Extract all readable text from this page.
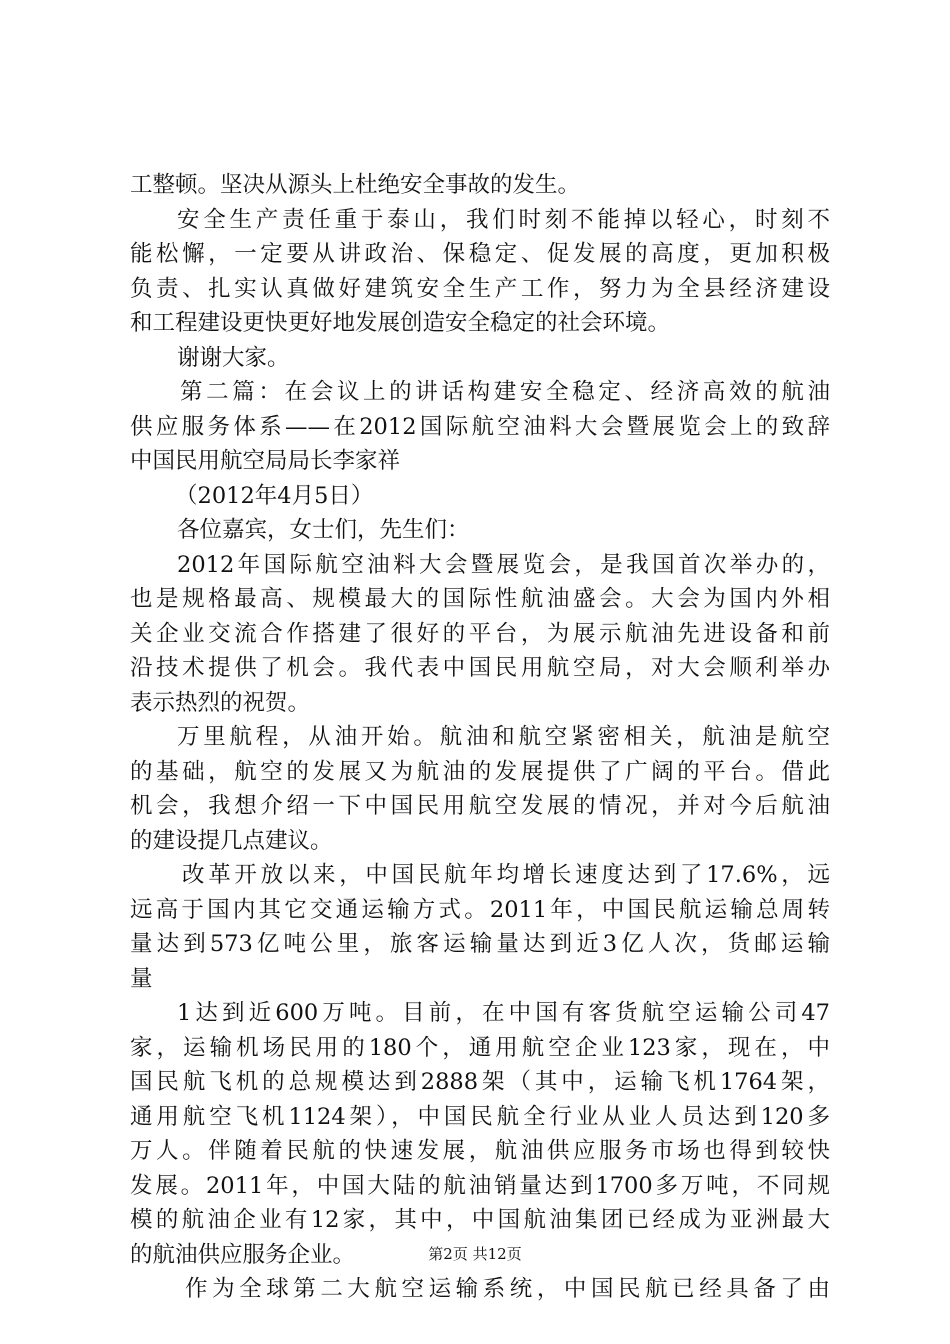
工整顿。坚决从源头上杜绝安全事故的发生。
安全生产责任重于泰山，我们时刻不能掉以轻心，时刻不
能松懈，一定要从讲政治、保稳定、促发展的高度，更加积极
负责、扎实认真做好建筑安全生产工作，努力为全县经济建设
和工程建设更快更好地发展创造安全稳定的社会环境。
谢谢大家。
第二篇：在会议上的讲话构建安全稳定、经济高效的航油
供应服务体系——在2012国际航空油料大会暨展览会上的致辞
中国民用航空局局长李家祥
（2012年4月5日）
各位嘉宾，女士们，先生们：
2012年国际航空油料大会暨展览会，是我国首次举办的，
也是规格最高、规模最大的国际性航油盛会。大会为国内外相
关企业交流合作搭建了很好的平台，为展示航油先进设备和前
沿技术提供了机会。我代表中国民用航空局，对大会顺利举办
表示热烈的祝贺。
万里航程，从油开始。航油和航空紧密相关，航油是航空
的基础，航空的发展又为航油的发展提供了广阔的平台。借此
机会，我想介绍一下中国民用航空发展的情况，并对今后航油
的建设提几点建议。
改革开放以来，中国民航年均增长速度达到了17.6%，远
远高于国内其它交通运输方式。2011年，中国民航运输总周转
量达到573亿吨公里，旅客运输量达到近3亿人次，货邮运输
量
1达到近600万吨。目前，在中国有客货航空运输公司47
家，运输机场民用的180个，通用航空企业123家，现在，中
国民航飞机的总规模达到2888架（其中，运输飞机1764架，
通用航空飞机1124架），中国民航全行业从业人员达到120多
万人。伴随着民航的快速发展，航油供应服务市场也得到较快
发展。2011年，中国大陆的航油销量达到1700多万吨，不同规
模的航油企业有12家，其中，中国航油集团已经成为亚洲最大
的航油供应服务企业。
作为全球第二大航空运输系统，中国民航已经具备了由
第2页 共12页
